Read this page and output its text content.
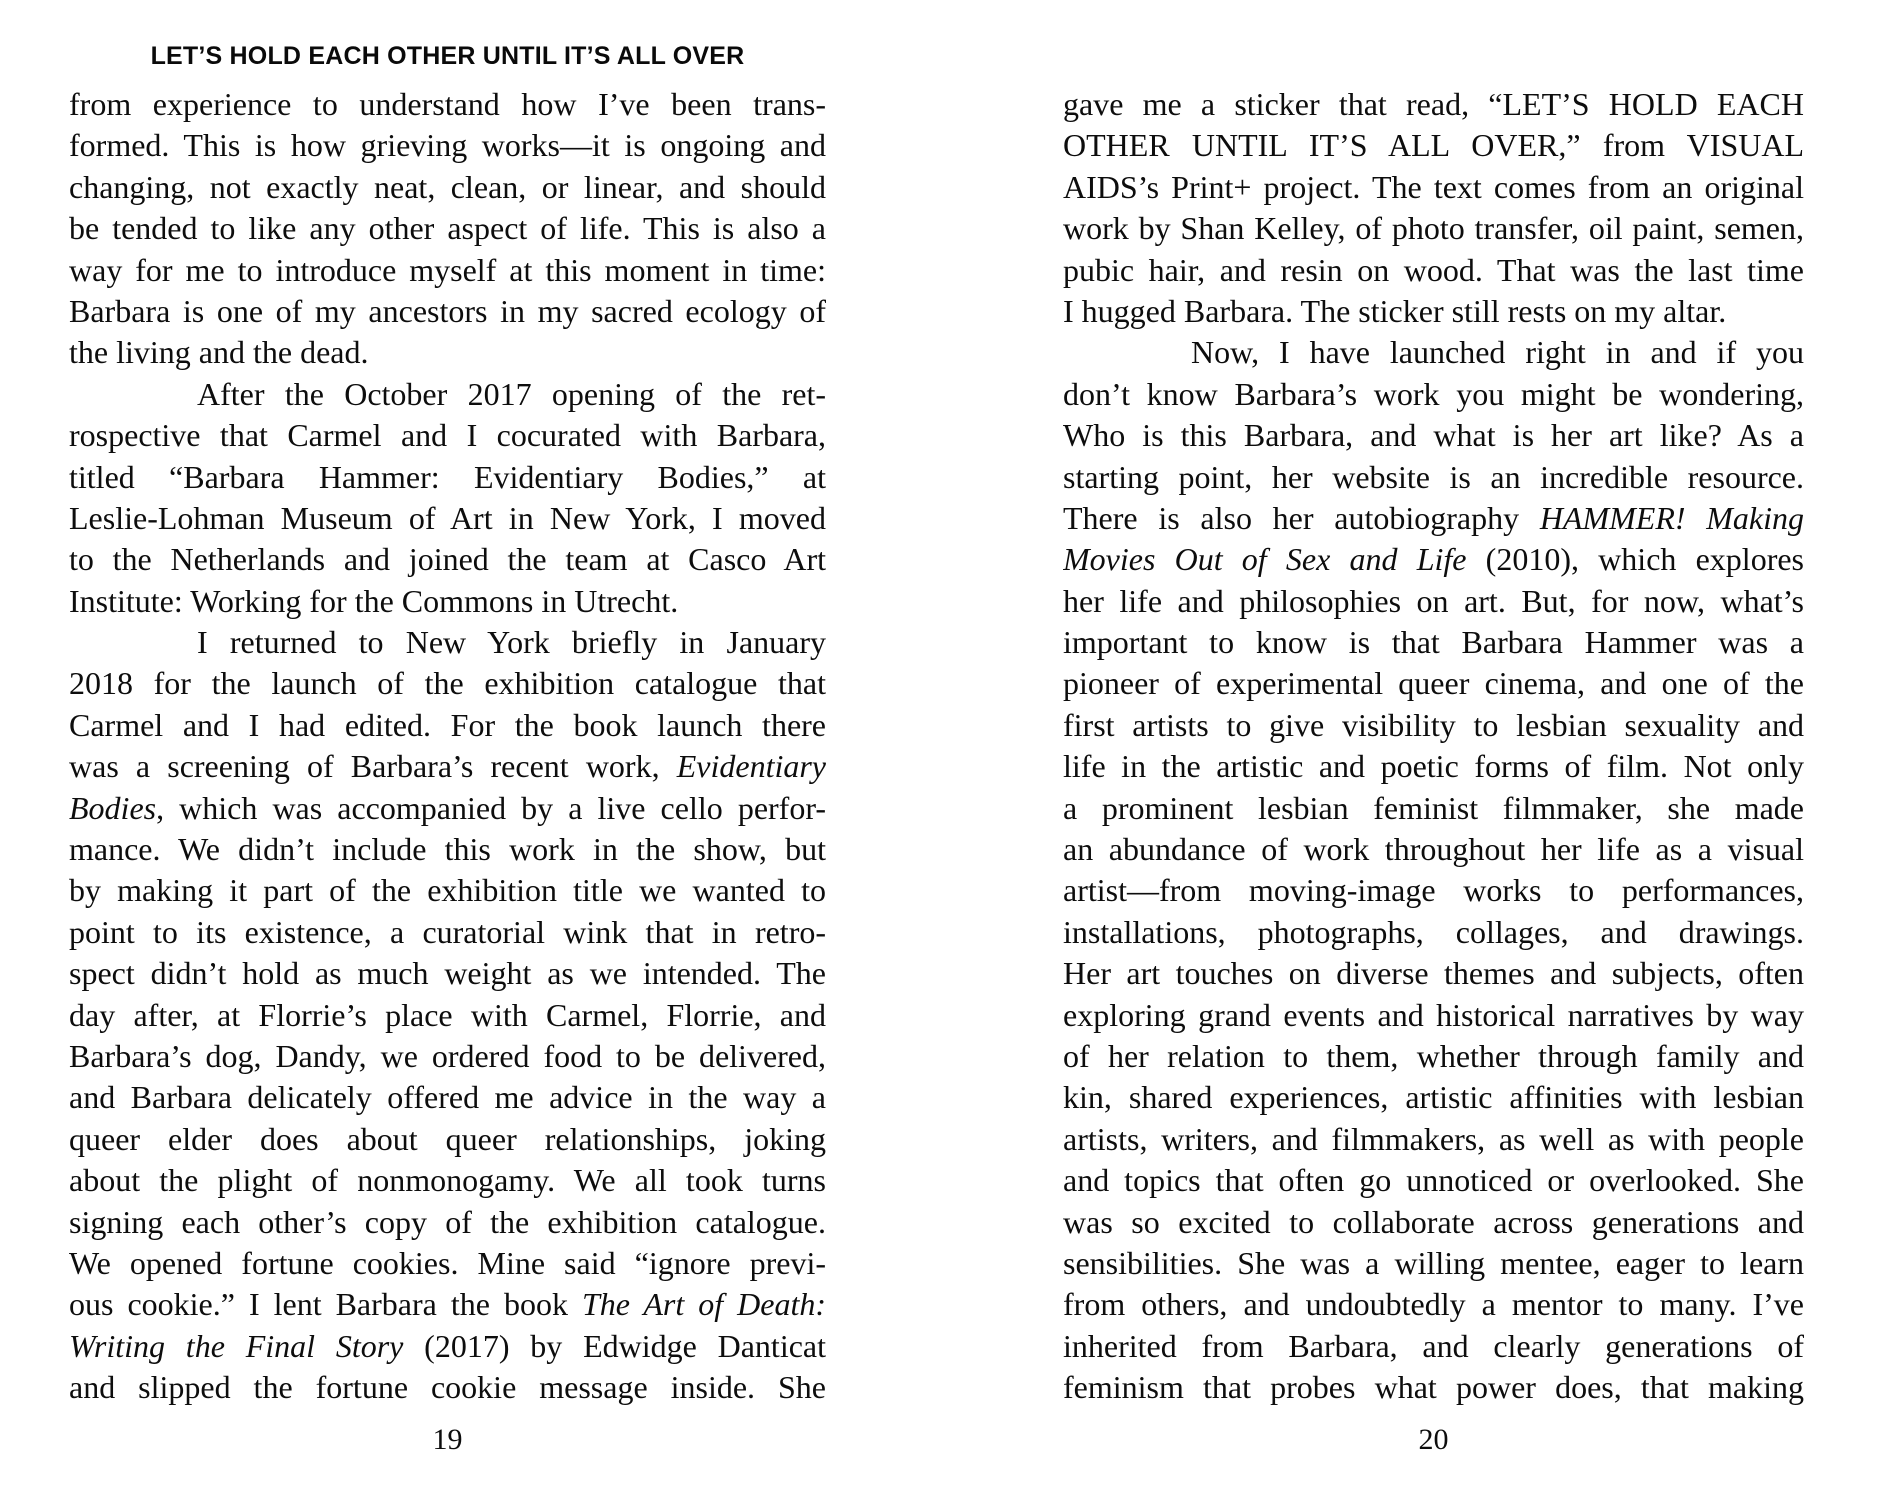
LET’S HOLD EACH OTHER UNTIL IT’S ALL OVER
from experience to understand how I’ve been trans-
formed. This is how grieving works—it is ongoing and
changing, not exactly neat, clean, or linear, and should
be tended to like any other aspect of life. This is also a
way for me to introduce myself at this moment in time:
Barbara is one of my ancestors in my sacred ecology of
the living and the dead.
After the October 2017 opening of the ret-
rospective that Carmel and I cocurated with Barbara,
titled “Barbara Hammer: Evidentiary Bodies,” at
Leslie-Lohman Museum of Art in New York, I moved
to the Netherlands and joined the team at Casco Art
Institute: Working for the Commons in Utrecht.
I returned to New York briefly in January
2018 for the launch of the exhibition catalogue that
Carmel and I had edited. For the book launch there
was a screening of Barbara’s recent work, Evidentiary
Bodies, which was accompanied by a live cello perfor-
mance. We didn’t include this work in the show, but
by making it part of the exhibition title we wanted to
point to its existence, a curatorial wink that in retro-
spect didn’t hold as much weight as we intended. The
day after, at Florrie’s place with Carmel, Florrie, and
Barbara’s dog, Dandy, we ordered food to be delivered,
and Barbara delicately offered me advice in the way a
queer elder does about queer relationships, joking
about the plight of nonmonogamy. We all took turns
signing each other’s copy of the exhibition catalogue.
We opened fortune cookies. Mine said “ignore previ-
ous cookie.” I lent Barbara the book The Art of Death:
Writing the Final Story (2017) by Edwidge Danticat
and slipped the fortune cookie message inside. She
gave me a sticker that read, “LET’S HOLD EACH
OTHER UNTIL IT’S ALL OVER,” from VISUAL
AIDS’s Print+ project. The text comes from an original
work by Shan Kelley, of photo transfer, oil paint, semen,
pubic hair, and resin on wood. That was the last time
I hugged Barbara. The sticker still rests on my altar.
Now, I have launched right in and if you
don’t know Barbara’s work you might be wondering,
Who is this Barbara, and what is her art like? As a
starting point, her website is an incredible resource.
There is also her autobiography HAMMER! Making
Movies Out of Sex and Life (2010), which explores
her life and philosophies on art. But, for now, what’s
important to know is that Barbara Hammer was a
pioneer of experimental queer cinema, and one of the
first artists to give visibility to lesbian sexuality and
life in the artistic and poetic forms of film. Not only
a prominent lesbian feminist filmmaker, she made
an abundance of work throughout her life as a visual
artist—from moving-image works to performances,
installations, photographs, collages, and drawings.
Her art touches on diverse themes and subjects, often
exploring grand events and historical narratives by way
of her relation to them, whether through family and
kin, shared experiences, artistic affinities with lesbian
artists, writers, and filmmakers, as well as with people
and topics that often go unnoticed or overlooked. She
was so excited to collaborate across generations and
sensibilities. She was a willing mentee, eager to learn
from others, and undoubtedly a mentor to many. I’ve
inherited from Barbara, and clearly generations of
feminism that probes what power does, that making
19	20
